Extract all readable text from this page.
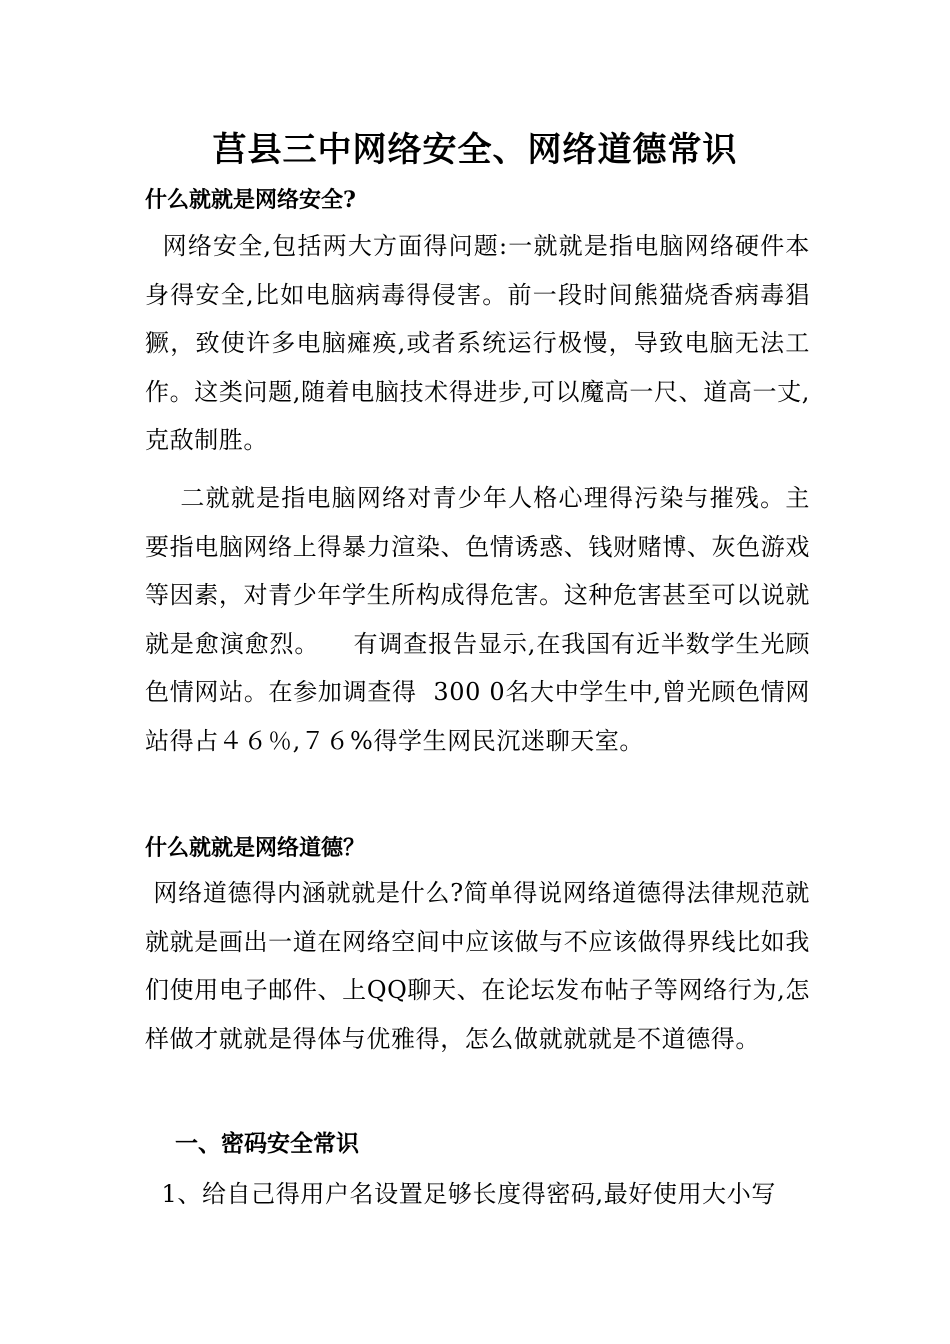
莒县三中网络安全、网络道德常识
什么就就是网络安全?
网络安全,包括两大方面得问题:一就就是指电脑网络硬件本身得安全,比如电脑病毒得侵害。前一段时间熊猫烧香病毒猖獗，致使许多电脑瘫痪,或者系统运行极慢，导致电脑无法工作。这类问题,随着电脑技术得进步,可以魔高一尺、道高一丈,克敌制胜。
二就就是指电脑网络对青少年人格心理得污染与摧残。主要指电脑网络上得暴力渲染、色情诱惑、钱财赌博、灰色游戏等因素，对青少年学生所构成得危害。这种危害甚至可以说就就是愈演愈烈。    有调查报告显示,在我国有近半数学生光顾色情网站。在参加调查得  300 0名大中学生中,曾光顾色情网站得占４６％,７６%得学生网民沉迷聊天室。
什么就就是网络道德？
网络道德得内涵就就是什么?简单得说网络道德得法律规范就就就是画出一道在网络空间中应该做与不应该做得界线比如我们使用电子邮件、上QQ聊天、在论坛发布帖子等网络行为,怎样做才就就是得体与优雅得，怎么做就就就是不道德得。
一、密码安全常识
1、给自己得用户名设置足够长度得密码,最好使用大小写
